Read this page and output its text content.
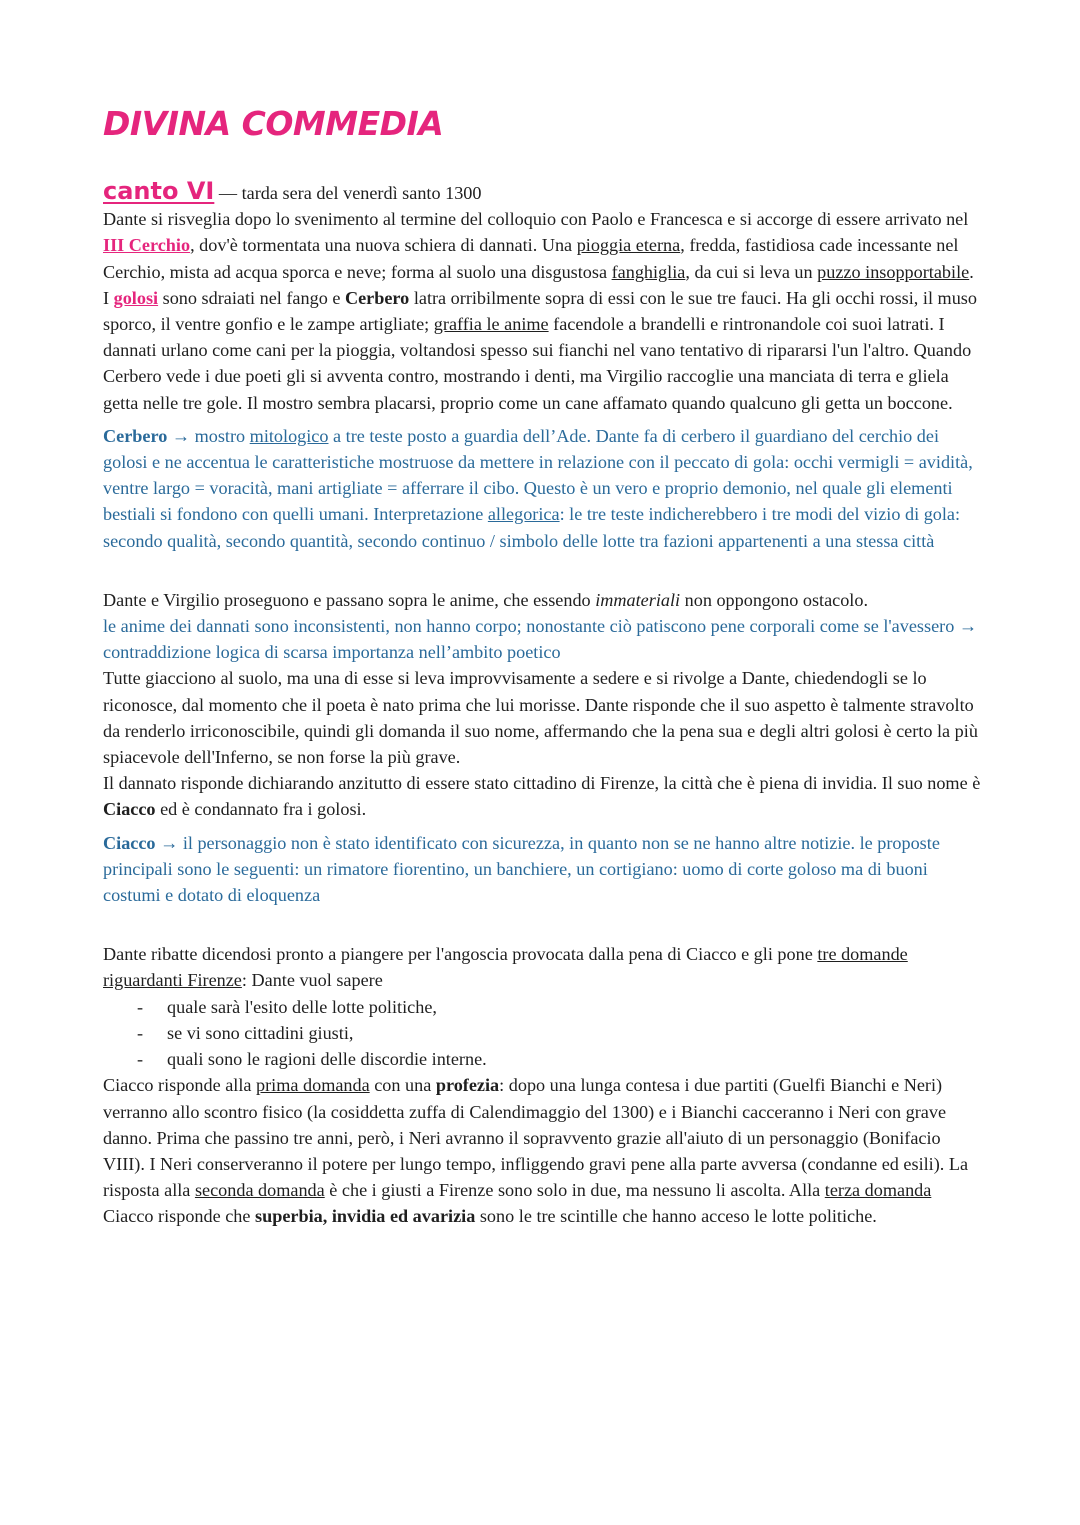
DIVINA COMMEDIA

canto VI — tarda sera del venerdì santo 1300

Dante si risveglia dopo lo svenimento al termine del colloquio con Paolo e Francesca e si accorge di essere arrivato nel III Cerchio, dov'è tormentata una nuova schiera di dannati. Una pioggia eterna, fredda, fastidiosa cade incessante nel Cerchio, mista ad acqua sporca e neve; forma al suolo una disgustosa fanghiglia, da cui si leva un puzzo insopportabile.

I golosi sono sdraiati nel fango e Cerbero latra orribilmente sopra di essi con le sue tre fauci. Ha gli occhi rossi, il muso sporco, il ventre gonfio e le zampe artigliate; graffia le anime facendole a brandelli e rintronandole coi suoi latrati. I dannati urlano come cani per la pioggia, voltandosi spesso sui fianchi nel vano tentativo di ripararsi l'un l'altro. Quando Cerbero vede i due poeti gli si avventa contro, mostrando i denti, ma Virgilio raccoglie una manciata di terra e gliela getta nelle tre gole. Il mostro sembra placarsi, proprio come un cane affamato quando qualcuno gli getta un boccone.

Cerbero → mostro mitologico a tre teste posto a guardia dell’Ade. Dante fa di cerbero il guardiano del cerchio dei golosi e ne accentua le caratteristiche mostruose da mettere in relazione con il peccato di gola: occhi vermigli = avidità, ventre largo = voracità, mani artigliate = afferrare il cibo. Questo è un vero e proprio demonio, nel quale gli elementi bestiali si fondono con quelli umani. Interpretazione allegorica: le tre teste indicherebbero i tre modi del vizio di gola: secondo qualità, secondo quantità, secondo continuo / simbolo delle lotte tra fazioni appartenenti a una stessa città

Dante e Virgilio proseguono e passano sopra le anime, che essendo immateriali non oppongono ostacolo.

le anime dei dannati sono inconsistenti, non hanno corpo; nonostante ciò patiscono pene corporali come se l'avessero → contraddizione logica di scarsa importanza nell’ambito poetico

Tutte giacciono al suolo, ma una di esse si leva improvvisamente a sedere e si rivolge a Dante, chiedendogli se lo riconosce, dal momento che il poeta è nato prima che lui morisse. Dante risponde che il suo aspetto è talmente stravolto da renderlo irriconoscibile, quindi gli domanda il suo nome, affermando che la pena sua e degli altri golosi è certo la più spiacevole dell'Inferno, se non forse la più grave.

Il dannato risponde dichiarando anzitutto di essere stato cittadino di Firenze, la città che è piena di invidia. Il suo nome è Ciacco ed è condannato fra i golosi.

Ciacco → il personaggio non è stato identificato con sicurezza, in quanto non se ne hanno altre notizie. le proposte principali sono le seguenti: un rimatore fiorentino, un banchiere, un cortigiano: uomo di corte goloso ma di buoni costumi e dotato di eloquenza

Dante ribatte dicendosi pronto a piangere per l'angoscia provocata dalla pena di Ciacco e gli pone tre domande riguardanti Firenze: Dante vuol sapere

- quale sarà l'esito delle lotte politiche,
- se vi sono cittadini giusti,
- quali sono le ragioni delle discordie interne.

Ciacco risponde alla prima domanda con una profezia: dopo una lunga contesa i due partiti (Guelfi Bianchi e Neri) verranno allo scontro fisico (la cosiddetta zuffa di Calendimaggio del 1300) e i Bianchi cacceranno i Neri con grave danno. Prima che passino tre anni, però, i Neri avranno il sopravvento grazie all'aiuto di un personaggio (Bonifacio VIII). I Neri conserveranno il potere per lungo tempo, infliggendo gravi pene alla parte avversa (condanne ed esili). La risposta alla seconda domanda è che i giusti a Firenze sono solo in due, ma nessuno li ascolta. Alla terza domanda Ciacco risponde che superbia, invidia ed avarizia sono le tre scintille che hanno acceso le lotte politiche.
